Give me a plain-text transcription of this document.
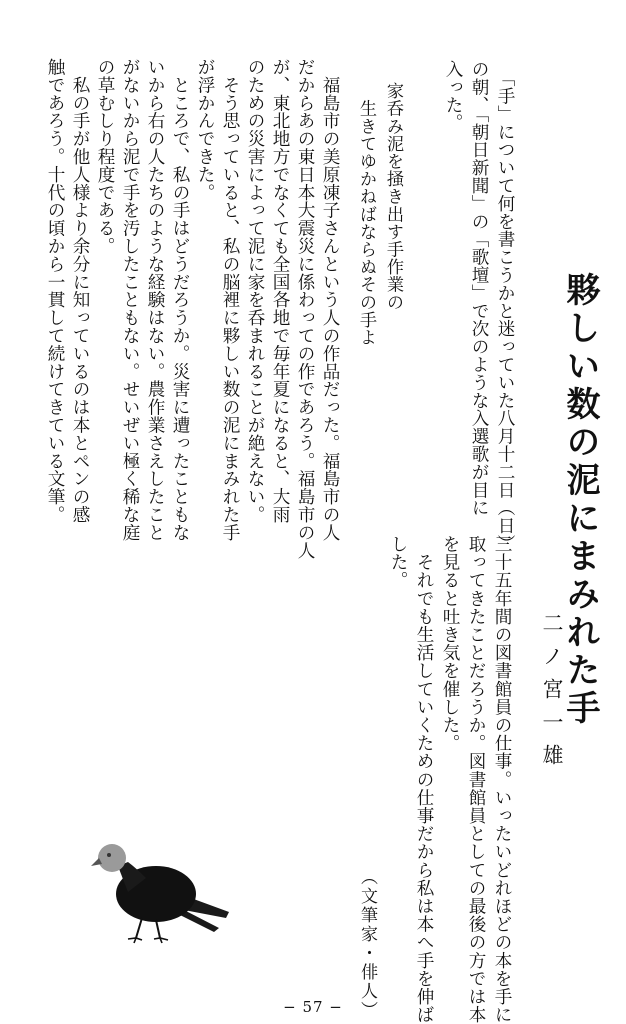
夥しい数の泥にまみれた手
二ノ宮一雄
　「手」について何を書こうかと迷っていた八月十二日（日）
の朝、「朝日新聞」の「歌壇」で次のような入選歌が目に
入った。
三十五年間の図書館員の仕事。いったいどれほどの本を手に
取ってきたことだろうか。図書館員としての最後の方では本
を見ると吐き気を催した。
　それでも生活していくための仕事だから私は本へ手を伸ば
した。
家呑み泥を掻き出す手作業の
　生きてゆかねばならぬその手よ
　福島市の美原凍子さんという人の作品だった。福島市の人
だからあの東日本大震災に係わっての作であろう。福島市の人
が、東北地方でなくても全国各地で毎年夏になると、大雨
のための災害によって泥に家を呑まれることが絶えない。
　そう思っていると、私の脳裡に夥しい数の泥にまみれた手
が浮かんできた。
　ところで、私の手はどうだろうか。災害に遭ったこともな
いから右の人たちのような経験はない。農作業さえしたこと
がないから泥で手を汚したこともない。せいぜい極く稀な庭
の草むしり程度である。
　私の手が他人様より余分に知っているのは本とペンの感
触であろう。十代の頃から一貫して続けてきている文筆。
（文筆家・俳人）
− 57 −
